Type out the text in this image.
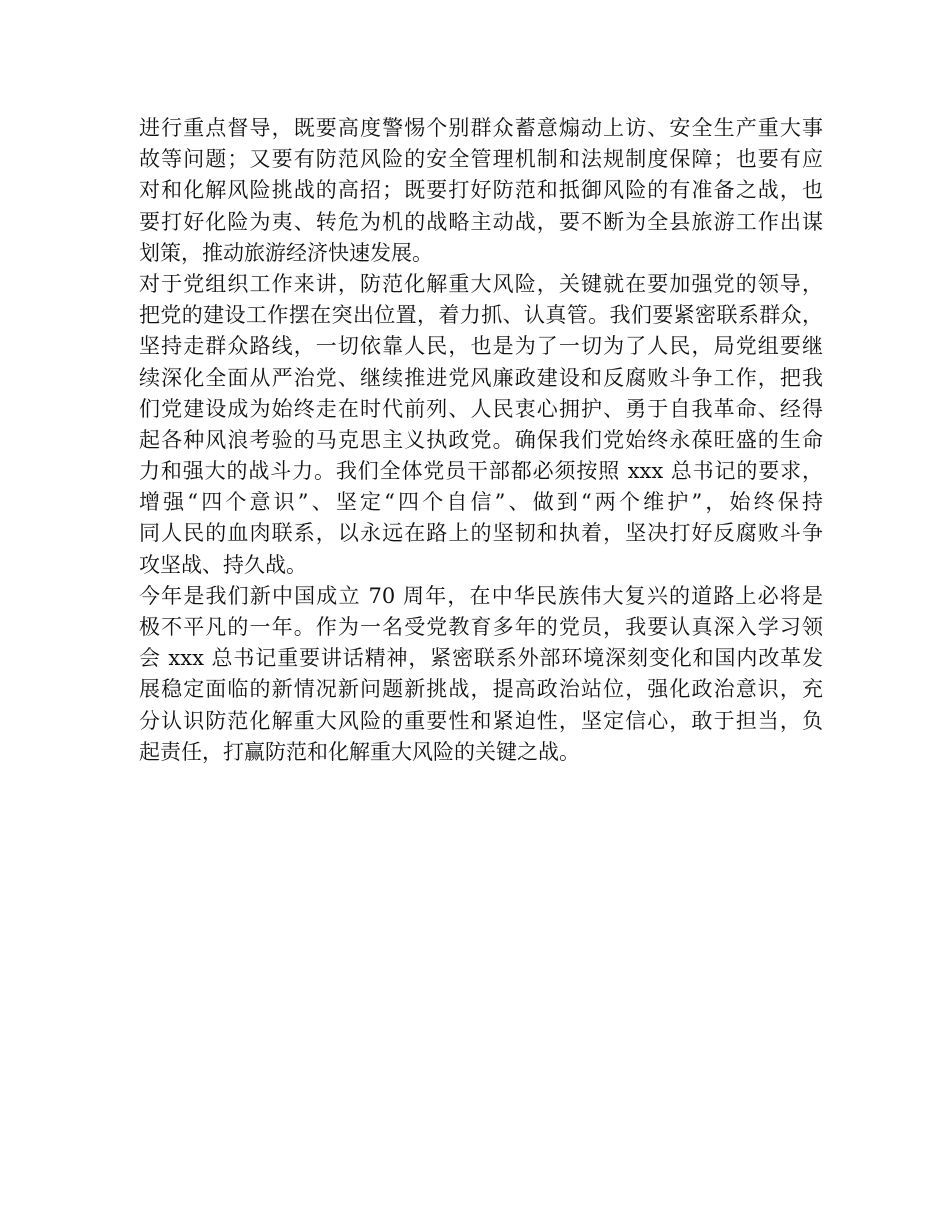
进行重点督导，既要高度警惕个别群众蓄意煽动上访、安全生产重大事
故等问题；又要有防范风险的安全管理机制和法规制度保障；也要有应
对和化解风险挑战的高招；既要打好防范和抵御风险的有准备之战，也
要打好化险为夷、转危为机的战略主动战，要不断为全县旅游工作出谋
划策，推动旅游经济快速发展。
对于党组织工作来讲，防范化解重大风险，关键就在要加强党的领导，
把党的建设工作摆在突出位置，着力抓、认真管。我们要紧密联系群众，
坚持走群众路线，一切依靠人民，也是为了一切为了人民，局党组要继
续深化全面从严治党、继续推进党风廉政建设和反腐败斗争工作，把我
们党建设成为始终走在时代前列、人民衷心拥护、勇于自我革命、经得
起各种风浪考验的马克思主义执政党。确保我们党始终永葆旺盛的生命
力和强大的战斗力。我们全体党员干部都必须按照 xxx 总书记的要求，
增强“四个意识”、坚定“四个自信”、做到“两个维护”，始终保持
同人民的血肉联系，以永远在路上的坚韧和执着，坚决打好反腐败斗争
攻坚战、持久战。
今年是我们新中国成立 70 周年，在中华民族伟大复兴的道路上必将是
极不平凡的一年。作为一名受党教育多年的党员，我要认真深入学习领
会 xxx 总书记重要讲话精神，紧密联系外部环境深刻变化和国内改革发
展稳定面临的新情况新问题新挑战，提高政治站位，强化政治意识，充
分认识防范化解重大风险的重要性和紧迫性，坚定信心，敢于担当，负
起责任，打赢防范和化解重大风险的关键之战。
